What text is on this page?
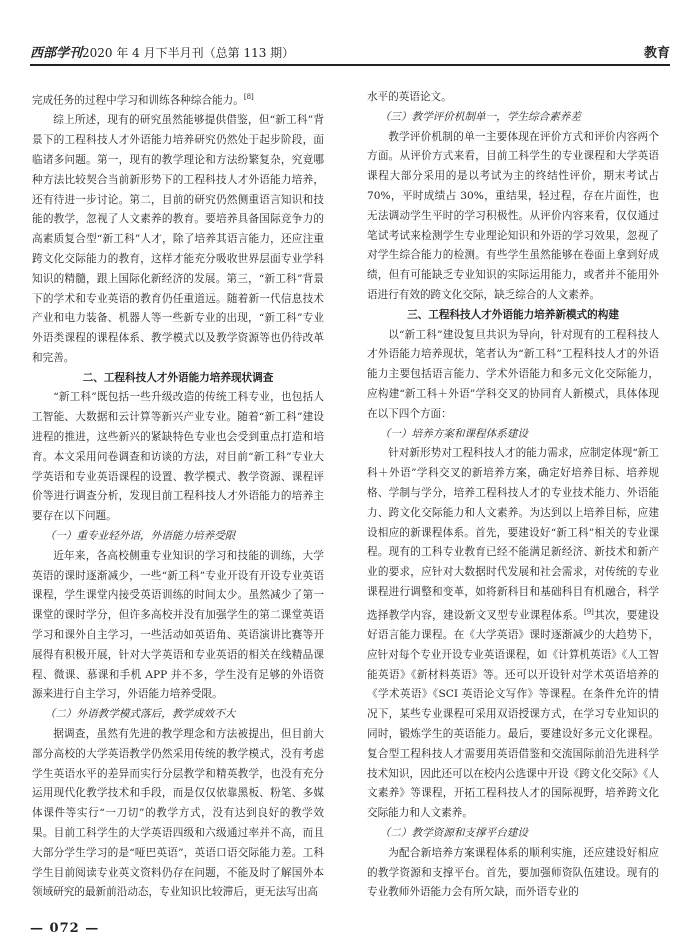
西部学刊2020 年 4 月下半月刊（总第 113 期）	教育

完成任务的过程中学习和训练各种综合能力。[8]

综上所述，现有的研究虽然能够提供借鉴，但“新工科”背景下的工程科技人才外语能力培养研究仍然处于起步阶段，面临诸多问题。第一，现有的教学理论和方法纷繁复杂，究竟哪种方法比较契合当前新形势下的工程科技人才外语能力培养，还有待进一步讨论。第二，目前的研究仍然侧重语言知识和技能的教学，忽视了人文素养的教育。要培养具备国际竞争力的高素质复合型“新工科”人才，除了培养其语言能力，还应注重跨文化交际能力的教育，这样才能充分吸收世界层面专业学科知识的精髓，跟上国际化新经济的发展。第三，“新工科”背景下的学术和专业英语的教育仍任重道远。随着新一代信息技术产业和电力装备、机器人等一些新专业的出现，“新工科”专业外语类课程的课程体系、教学模式以及教学资源等也仍待改革和完善。

二、工程科技人才外语能力培养现状调查

“新工科”既包括一些升级改造的传统工科专业，也包括人工智能、大数据和云计算等新兴产业专业。随着“新工科”建设进程的推进，这些新兴的紧缺特色专业也会受到重点打造和培育。本文采用问卷调查和访谈的方法，对目前“新工科”专业大学英语和专业英语课程的设置、教学模式、教学资源、课程评价等进行调查分析，发现目前工程科技人才外语能力的培养主要存在以下问题。

（一）重专业轻外语，外语能力培养受限

近年来，各高校侧重专业知识的学习和技能的训练，大学英语的课时逐渐减少，一些“新工科”专业开设有开设专业英语课程，学生课堂内接受英语训练的时间太少。虽然减少了第一课堂的课时学分，但许多高校并没有加强学生的第二课堂英语学习和课外自主学习，一些活动如英语角、英语演讲比赛等开展得有积极开展，针对大学英语和专业英语的相关在线精品课程、微课、慕课和手机 APP 并不多，学生没有足够的外语资源来进行自主学习，外语能力培养受限。

（二）外语教学模式落后，教学成效不大

据调查，虽然有先进的教学理念和方法被提出，但目前大部分高校的大学英语教学仍然采用传统的教学模式，没有考虑学生英语水平的差异而实行分层教学和精英教学，也没有充分运用现代化教学技术和手段，而是仅仅依靠黑板、粉笔、多媒体课件等实行“一刀切”的教学方式，没有达到良好的教学效果。目前工科学生的大学英语四级和六级通过率并不高，而且大部分学生学习的是“哑巴英语”，英语口语交际能力差。工科学生目前阅读专业英文资料仍存在问题，不能及时了解国外本领域研究的最新前沿动态，专业知识比较滞后，更无法写出高

水平的英语论文。

（三）教学评价机制单一，学生综合素养差

教学评价机制的单一主要体现在评价方式和评价内容两个方面。从评价方式来看，目前工科学生的专业课程和大学英语课程大部分采用的是以考试为主的终结性评价，期末考试占 70%，平时成绩占 30%，重结果，轻过程，存在片面性，也无法调动学生平时的学习积极性。从评价内容来看，仅仅通过笔试考试来检测学生专业理论知识和外语的学习效果，忽视了对学生综合能力的检测。有些学生虽然能够在卷面上拿到好成绩，但有可能缺乏专业知识的实际运用能力，或者并不能用外语进行有效的跨文化交际，缺乏综合的人文素养。

三、工程科技人才外语能力培养新模式的构建

以“新工科”建设复旦共识为导向，针对现有的工程科技人才外语能力培养现状，笔者认为“新工科”工程科技人才的外语能力主要包括语言能力、学术外语能力和多元文化交际能力，应构建“新工科＋外语”学科交叉的协同育人新模式，具体体现在以下四个方面：

（一）培养方案和课程体系建设

针对新形势对工程科技人才的能力需求，应制定体现“新工科＋外语”学科交叉的新培养方案，确定好培养目标、培养规格、学制与学分，培养工程科技人才的专业技术能力、外语能力、跨文化交际能力和人文素养。为达到以上培养目标，应建设相应的新课程体系。首先，要建设好“新工科”相关的专业课程。现有的工科专业教育已经不能满足新经济、新技术和新产业的要求，应针对大数据时代发展和社会需求，对传统的专业课程进行调整和变革，如将新科目和基础科目有机融合，科学选择教学内容，建设新文叉型专业课程体系。[9]其次，要建设好语言能力课程。在《大学英语》课时逐渐减少的大趋势下，应针对每个专业开设专业英语课程，如《计算机英语》《人工智能英语》《新材料英语》等。还可以开设针对学术英语培养的《学术英语》《SCI 英语论文写作》等课程。在条件允许的情况下，某些专业课程可采用双语授课方式，在学习专业知识的同时，锻炼学生的英语能力。最后，要建设好多元文化课程。复合型工程科技人才需要用英语借鉴和交流国际前沿先进科学技术知识，因此还可以在校内公选课中开设《跨文化交际》《人文素养》等课程，开拓工程科技人才的国际视野，培养跨文化交际能力和人文素养。

（二）教学资源和支撑平台建设

为配合新培养方案课程体系的顺利实施，还应建设好相应的教学资源和支撑平台。首先，要加强师资队伍建设。现有的专业教师外语能力会有所欠缺，而外语专业的

— 072 —
